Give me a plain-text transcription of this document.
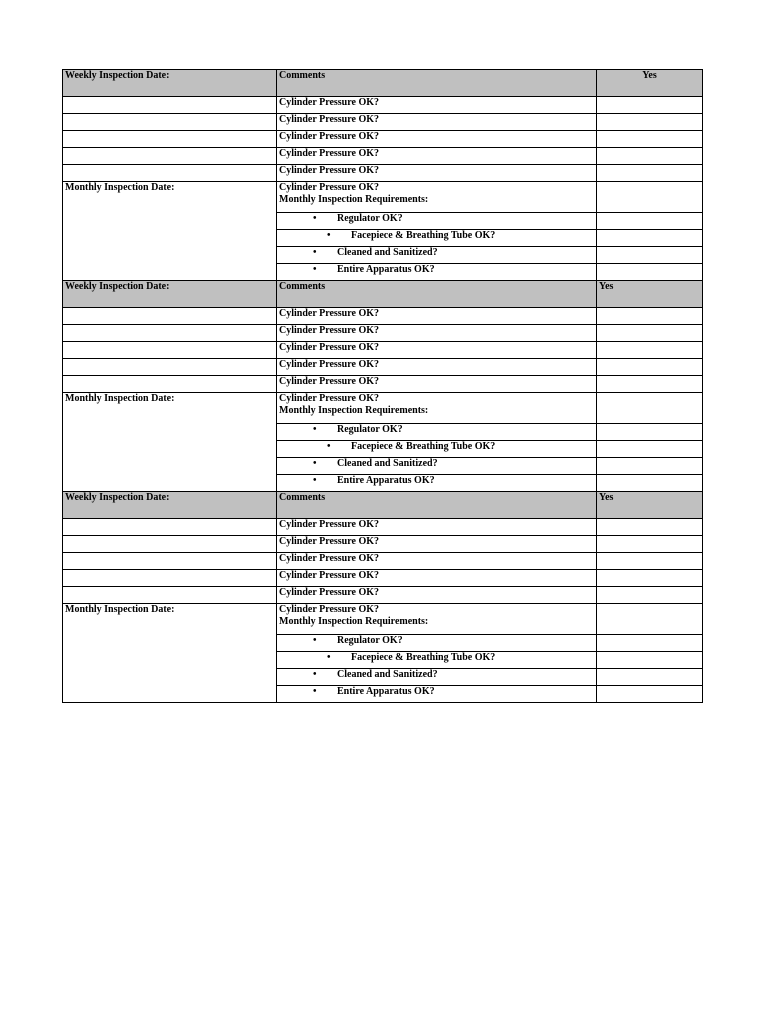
Weekly Inspection Date:	Comments	Yes
	Cylinder Pressure OK?	
	Cylinder Pressure OK?	
	Cylinder Pressure OK?	
	Cylinder Pressure OK?	
	Cylinder Pressure OK?	
Monthly Inspection Date:	Cylinder Pressure OK?
Monthly Inspection Requirements:	
	• Regulator OK?	
	• Facepiece & Breathing Tube OK?	
	• Cleaned and Sanitized?	
	• Entire Apparatus OK?	
Weekly Inspection Date:	Comments	Yes
	Cylinder Pressure OK?	
	Cylinder Pressure OK?	
	Cylinder Pressure OK?	
	Cylinder Pressure OK?	
	Cylinder Pressure OK?	
Monthly Inspection Date:	Cylinder Pressure OK?
Monthly Inspection Requirements:	
	• Regulator OK?	
	• Facepiece & Breathing Tube OK?	
	• Cleaned and Sanitized?	
	• Entire Apparatus OK?	
Weekly Inspection Date:	Comments	Yes
	Cylinder Pressure OK?	
	Cylinder Pressure OK?	
	Cylinder Pressure OK?	
	Cylinder Pressure OK?	
	Cylinder Pressure OK?	
Monthly Inspection Date:	Cylinder Pressure OK?
Monthly Inspection Requirements:	
	• Regulator OK?	
	• Facepiece & Breathing Tube OK?	
	• Cleaned and Sanitized?	
	• Entire Apparatus OK?	
